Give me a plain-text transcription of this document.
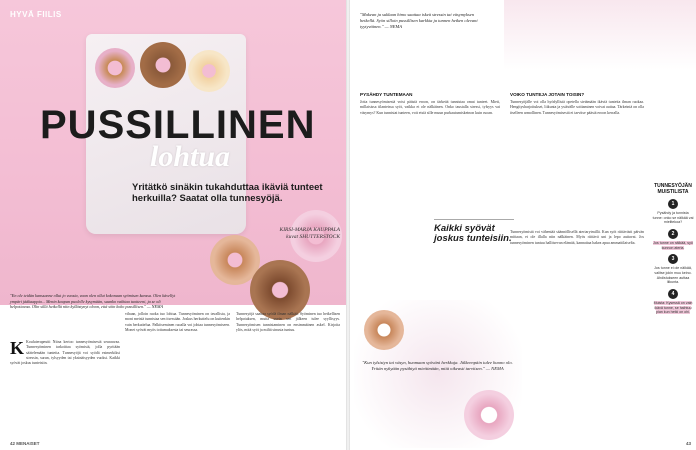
HYVÄ FIILIS
PUSSILLINEN
lohtua
Yritätkö sinäkin tukahduttaa ikäviä tunteet herkuilla? Saatat olla tunnesyöjä.
KIRSI-MARJA KAUPPALA
kuvat SHUTTERSTOCK
"En ole teidän kanssanne ollut jo vuosia, vaan olen ollut kokonaan syömisen kanssa. Olen kävellyt ympäri jääkaappia... Menin kaupan puolelle kysymään, saanko vaihtaa tuotteeni, ja se oli helpottavaa. Olin sillä hetkellä niin kyllästynyt oloon, että söin koko pussillisen." — NEMA
K Kouluterapeutti Niina kertoo tunnesyömisestä seuraavaa. Tunnesyöminen tarkoittaa syömistä, jolla pyritään säätelemään tunteita. Tunnesyöjä voi syödä esimerkiksi stressin, surun, tylsyyden tai yksinäisyyden vuoksi. Kaikki syövät joskus tunteisiin.
vihaan, jolloin ruoka tuo lohtua. Tunnesyöminen on tavallista, ja moni meistä tunnistaa sen itsessään. Joskus herkuttelu on kuitenkin vain herkuttelua. Palkitseminen ruoalla voi johtaa tunnesyömiseen. Monet syövät myös tottumuksesta tai seurassa.
Tunnesyöjä saattaa syödä ilman nälkää. Syöminen tuo hetkellisen helpotuksen, mutta usein sen jälkeen tulee syyllisyys. Tunnesyömisen tunnistaminen on ensimmäinen askel. Kirjoita ylös, mitä syöt ja miltä sinusta tuntuu.
42 MENAISET
"Makean ja suklaan himo saattaa iskeä stressin tai väsymyksen hetkellä. Syön silloin pussillisen karkkia ja tunnen hetken olevani tyytyväinen." — NEMA
PYSÄHDY TUNTEMAAN
Jotta tunnesyömisestä voisi päästä eroon, on tärkeää tunnistaa omat tunteet. Mieti, millaisissa tilanteissa syöt, vaikka et ole nälkäinen. Onko taustalla stressi, tylsyys vai väsymys? Kun tunnistat tunteen, voit etsiä sille muun purkautumiskeinon kuin ruoan.
VOIKO TUNTEJA JOTAIN TOISIN?
Tunnesyöjälle voi olla hyödyllistä opetella sietämään ikäviä tunteita ilman ruokaa. Hengitysharjoitukset, liikunta ja ystävälle soittaminen voivat auttaa. Tärkeintä on olla itselleen armollinen. Tunnesyömisestä ei tarvitse päästä eroon kerralla.
Tunnesyömistä voi vähentää säännöllisellä ateriarytmillä. Kun syöt riittävästi päivän mittaan, et ole illalla niin nälkäinen. Myös riittävä uni ja lepo auttavat. Jos tunnesyöminen tuntuu hallitsevan elämää, kannattaa hakea apua ammattilaiselta.
Kaikki syövät joskus tunteisiin.
"Kun tylsistyn tai väsyn, huomaan syöväni herkkuja. Jälkeenpäin tulee huono olo. Yritän nykyään pysähtyä miettimään, mitä oikeasti tarvitsen." — NEMA
TUNNESYÖJÄN MUISTILISTA
1
Pysähdy ja tunnista tunne: onko se nälkää vai mielitekoa?
2
Jos tunne on nälkää, syö kunnon ateria.
3
Jos tunne ei ole nälkää, valitse jokin muu keino. Ahdistukseen auttaa liikunta.
4
Muista: Kysessä on vain ikävä tunne, se haihtuu pian kun hetki on ohi.
43
